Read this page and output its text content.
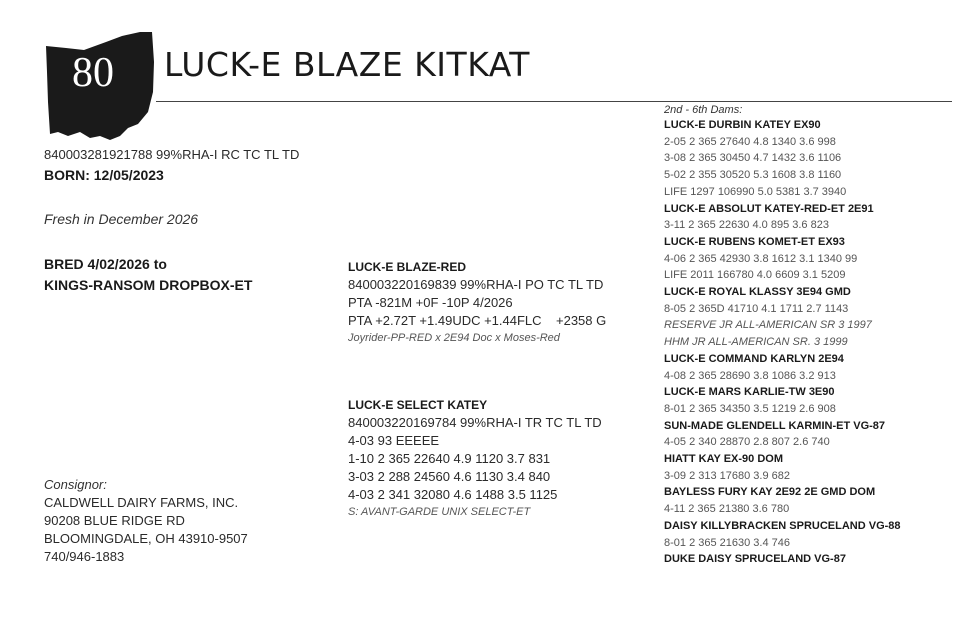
80	LUCK-E BLAZE KITKAT
840003281921788 99%RHA-I RC TC TL TD
BORN: 12/05/2023
Fresh in December 2026
BRED 4/02/2026 to
KINGS-RANSOM DROPBOX-ET
LUCK-E BLAZE-RED
840003220169839 99%RHA-I PO TC TL TD
PTA -821M +0F -10P 4/2026
PTA +2.72T +1.49UDC +1.44FLC    +2358 G
Joyrider-PP-RED x 2E94 Doc x Moses-Red
LUCK-E SELECT KATEY
840003220169784 99%RHA-I TR TC TL TD
4-03 93 EEEEE
1-10 2 365 22640 4.9 1120 3.7 831
3-03 2 288 24560 4.6 1130 3.4 840
4-03 2 341 32080 4.6 1488 3.5 1125
S: AVANT-GARDE UNIX SELECT-ET
Consignor:
CALDWELL DAIRY FARMS, INC.
90208 BLUE RIDGE RD
BLOOMINGDALE, OH 43910-9507
740/946-1883
2nd - 6th Dams:
LUCK-E DURBIN KATEY EX90
2-05 2 365 27640 4.8 1340 3.6 998
3-08 2 365 30450 4.7 1432 3.6 1106
5-02 2 355 30520 5.3 1608 3.8 1160
LIFE 1297 106990 5.0 5381 3.7 3940
LUCK-E ABSOLUT KATEY-RED-ET 2E91
3-11 2 365 22630 4.0 895 3.6 823
LUCK-E RUBENS KOMET-ET EX93
4-06 2 365 42930 3.8 1612 3.1 1340 99
LIFE 2011 166780 4.0 6609 3.1 5209
LUCK-E ROYAL KLASSY 3E94 GMD
8-05 2 365D 41710 4.1 1711 2.7 1143
RESERVE JR ALL-AMERICAN SR 3 1997
HHM JR ALL-AMERICAN SR. 3 1999
LUCK-E COMMAND KARLYN 2E94
4-08 2 365 28690 3.8 1086 3.2 913
LUCK-E MARS KARLIE-TW 3E90
8-01 2 365 34350 3.5 1219 2.6 908
SUN-MADE GLENDELL KARMIN-ET VG-87
4-05 2 340 28870 2.8 807 2.6 740
HIATT KAY EX-90 DOM
3-09 2 313 17680 3.9 682
BAYLESS FURY KAY 2E92 2E GMD DOM
4-11 2 365 21380 3.6 780
DAISY KILLYBRACKEN SPRUCELAND VG-88
8-01 2 365 21630 3.4 746
DUKE DAISY SPRUCELAND VG-87
